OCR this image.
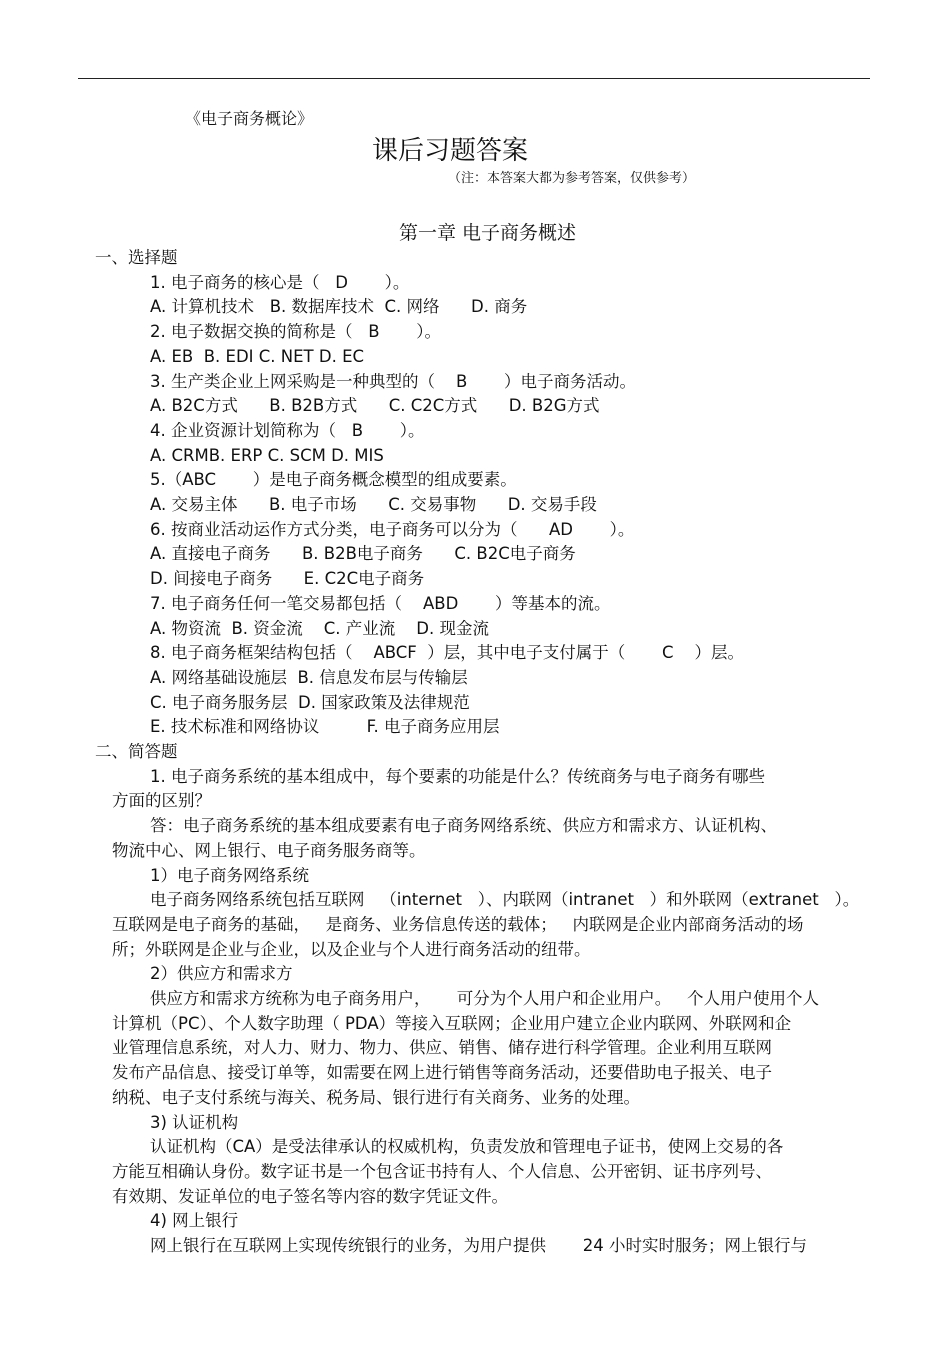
《电子商务概论》
课后习题答案
（注：本答案大都为参考答案，仅供参考）
第一章 电子商务概述
一、选择题
1. 电子商务的核心是（   D       ）。
A. 计算机技术   B. 数据库技术  C. 网络      D. 商务
2. 电子数据交换的简称是（   B       ）。
A. EB  B. EDI C. NET D. EC
3. 生产类企业上网采购是一种典型的（    B       ）电子商务活动。
A. B2C方式      B. B2B方式      C. C2C方式      D. B2G方式
4. 企业资源计划简称为（   B       ）。
A. CRMB. ERP C. SCM D. MIS
5.（ABC       ）是电子商务概念模型的组成要素。
A. 交易主体      B. 电子市场      C. 交易事物      D. 交易手段
6. 按商业活动运作方式分类，电子商务可以分为（      AD       ）。
A. 直接电子商务      B. B2B电子商务      C. B2C电子商务
D. 间接电子商务      E. C2C电子商务
7. 电子商务任何一笔交易都包括（    ABD       ）等基本的流。
A. 物资流  B. 资金流    C. 产业流    D. 现金流
8. 电子商务框架结构包括（    ABCF  ）层，其中电子支付属于（       C    ）层。
A. 网络基础设施层  B. 信息发布层与传输层
C. 电子商务服务层  D. 国家政策及法律规范
E. 技术标准和网络协议         F. 电子商务应用层
二、简答题
1. 电子商务系统的基本组成中，每个要素的功能是什么？传统商务与电子商务有哪些
方面的区别？
答：电子商务系统的基本组成要素有电子商务网络系统、供应方和需求方、认证机构、
物流中心、网上银行、电子商务服务商等。
1）电子商务网络系统
电子商务网络系统包括互联网   （internet   ）、内联网（intranet   ）和外联网（extranet   ）。
互联网是电子商务的基础，   是商务、业务信息传送的载体；   内联网是企业内部商务活动的场
所；外联网是企业与企业，以及企业与个人进行商务活动的纽带。
2）供应方和需求方
供应方和需求方统称为电子商务用户，     可分为个人用户和企业用户。   个人用户使用个人
计算机（PC）、个人数字助理（ PDA）等接入互联网；企业用户建立企业内联网、外联网和企
业管理信息系统，对人力、财力、物力、供应、销售、储存进行科学管理。企业利用互联网
发布产品信息、接受订单等，如需要在网上进行销售等商务活动，还要借助电子报关、电子
纳税、电子支付系统与海关、税务局、银行进行有关商务、业务的处理。
3) 认证机构
认证机构（CA）是受法律承认的权威机构，负责发放和管理电子证书，使网上交易的各
方能互相确认身份。数字证书是一个包含证书持有人、个人信息、公开密钥、证书序列号、
有效期、发证单位的电子签名等内容的数字凭证文件。
4) 网上银行
网上银行在互联网上实现传统银行的业务，为用户提供       24 小时实时服务；网上银行与
